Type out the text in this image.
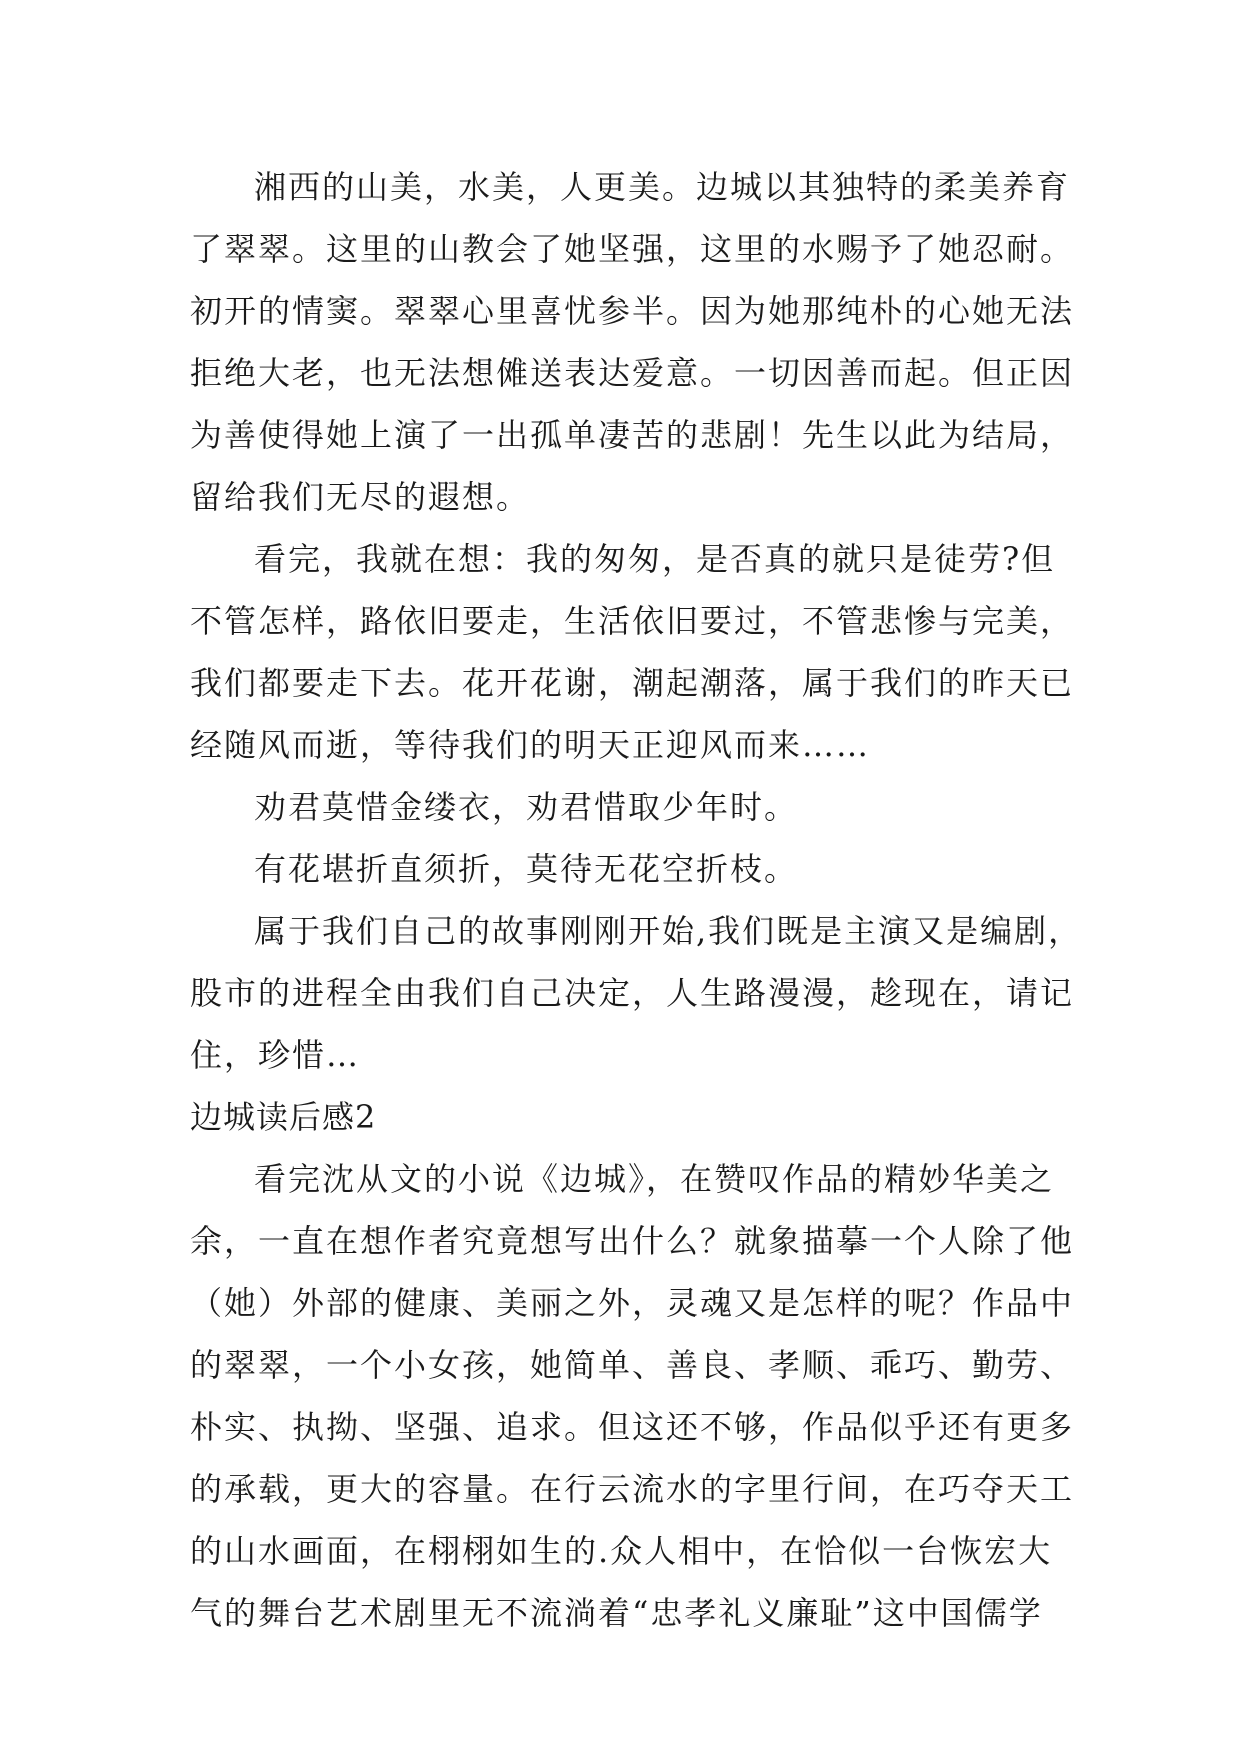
湘西的山美，水美，人更美。边城以其独特的柔美养育
了翠翠。这里的山教会了她坚强，这里的水赐予了她忍耐。
初开的情窦。翠翠心里喜忧参半。因为她那纯朴的心她无法
拒绝大老，也无法想傩送表达爱意。一切因善而起。但正因
为善使得她上演了一出孤单凄苦的悲剧！先生以此为结局，
留给我们无尽的遐想。
看完，我就在想：我的匆匆，是否真的就只是徒劳?但
不管怎样，路依旧要走，生活依旧要过，不管悲惨与完美，
我们都要走下去。花开花谢，潮起潮落，属于我们的昨天已
经随风而逝，等待我们的明天正迎风而来……
劝君莫惜金缕衣，劝君惜取少年时。
有花堪折直须折，莫待无花空折枝。
属于我们自己的故事刚刚开始,我们既是主演又是编剧，
股市的进程全由我们自己决定，人生路漫漫，趁现在，请记
住，珍惜…
边城读后感2
看完沈从文的小说《边城》，在赞叹作品的精妙华美之
余，一直在想作者究竟想写出什么？就象描摹一个人除了他
（她）外部的健康、美丽之外，灵魂又是怎样的呢？作品中
的翠翠，一个小女孩，她简单、善良、孝顺、乖巧、勤劳、
朴实、执拗、坚强、追求。但这还不够，作品似乎还有更多
的承载，更大的容量。在行云流水的字里行间，在巧夺天工
的山水画面，在栩栩如生的.众人相中，在恰似一台恢宏大
气的舞台艺术剧里无不流淌着“忠孝礼义廉耻”这中国儒学
